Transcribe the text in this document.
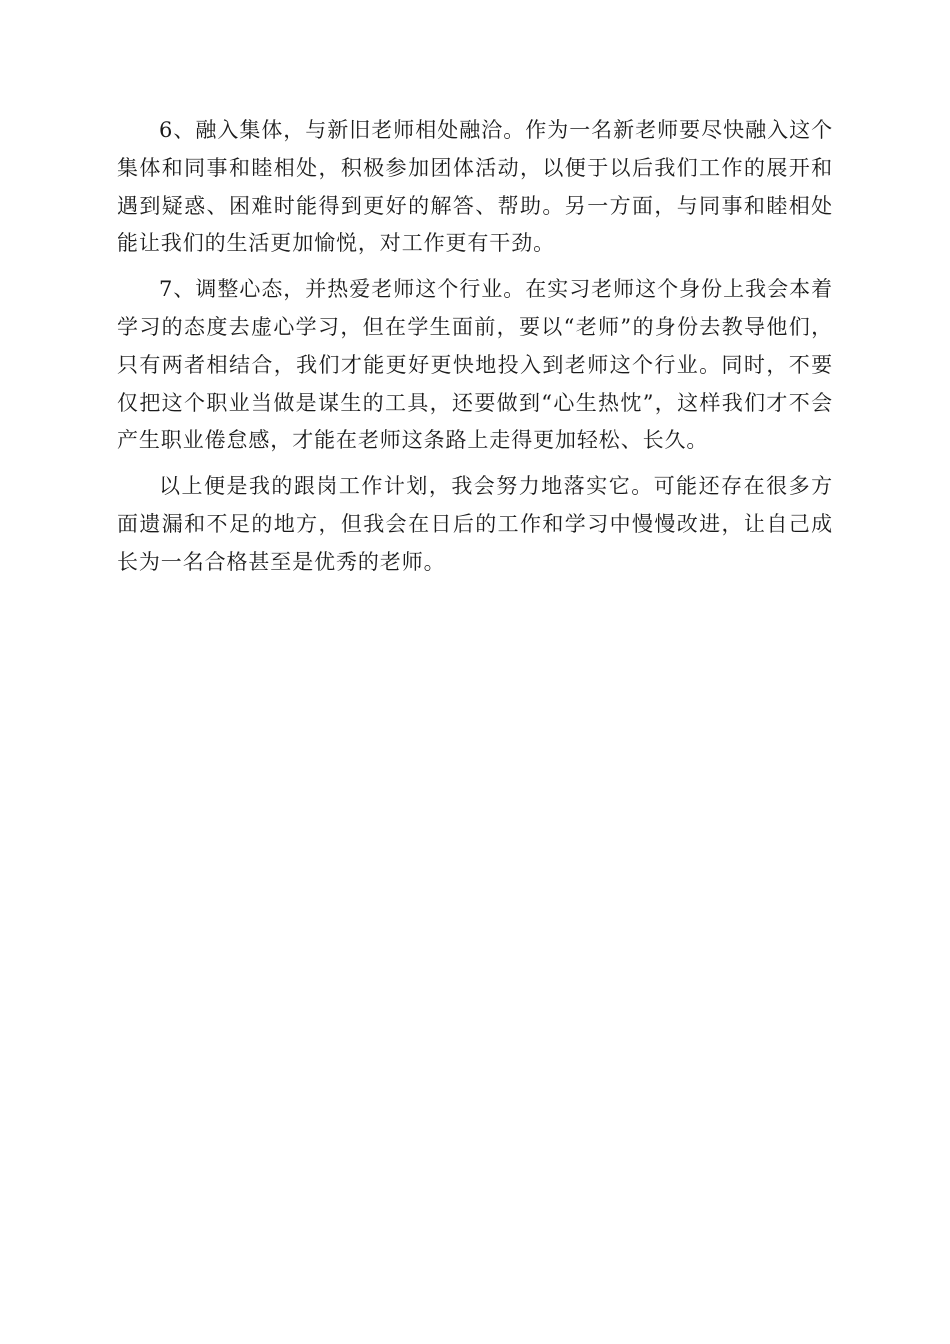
6、融入集体，与新旧老师相处融洽。作为一名新老师要尽快融入这个集体和同事和睦相处，积极参加团体活动，以便于以后我们工作的展开和遇到疑惑、困难时能得到更好的解答、帮助。另一方面，与同事和睦相处能让我们的生活更加愉悦，对工作更有干劲。

7、调整心态，并热爱老师这个行业。在实习老师这个身份上我会本着学习的态度去虚心学习，但在学生面前，要以“老师”的身份去教导他们，只有两者相结合，我们才能更好更快地投入到老师这个行业。同时，不要仅把这个职业当做是谋生的工具，还要做到“心生热忱”，这样我们才不会产生职业倦怠感，才能在老师这条路上走得更加轻松、长久。

以上便是我的跟岗工作计划，我会努力地落实它。可能还存在很多方面遗漏和不足的地方，但我会在日后的工作和学习中慢慢改进，让自己成长为一名合格甚至是优秀的老师。
